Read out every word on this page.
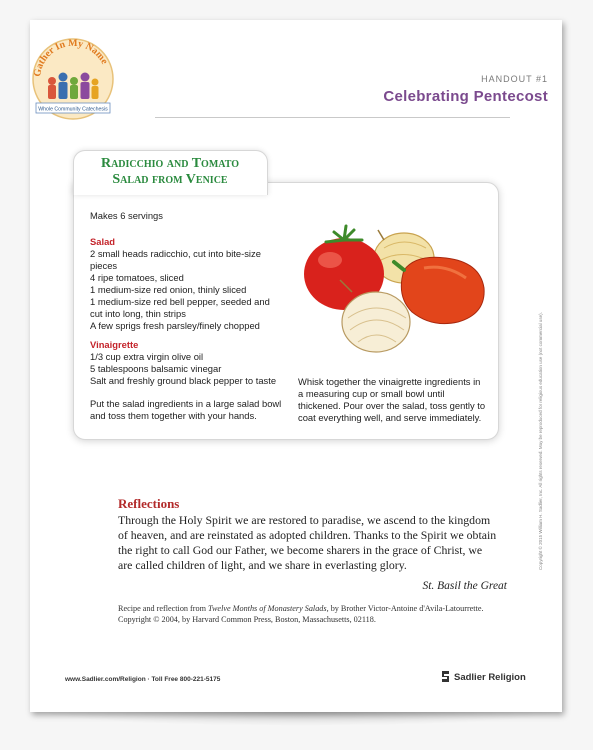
Gather In My Name
Whole Community Catechesis
HANDOUT #1
Celebrating Pentecost
Radicchio and Tomato
Salad from Venice
Makes 6 servings
Salad
2 small heads radicchio, cut into bite-size
pieces
4 ripe tomatoes, sliced
1 medium-size red onion, thinly sliced
1 medium-size red bell pepper, seeded and
cut into long, thin strips
A few sprigs fresh parsley/finely chopped
Vinaigrette
1/3 cup extra virgin olive oil
5 tablespoons balsamic vinegar
Salt and freshly ground black pepper to taste
Put the salad ingredients in a large salad bowl
and toss them together with your hands.
Whisk together the vinaigrette ingredients in
a measuring cup or small bowl until
thickened. Pour over the salad, toss gently to
coat everything well, and serve immediately.
Reflections
Through the Holy Spirit we are restored to paradise, we ascend to the kingdom of heaven, and are reinstated as adopted children. Thanks to the Spirit we obtain the right to call God our Father, we become sharers in the grace of Christ, we are called children of light, and we share in everlasting glory.
St. Basil the Great
Recipe and reflection from Twelve Months of Monastery Salads, by Brother Victor-Antoine d'Avila-Latourrette. Copyright © 2004, by Harvard Common Press, Boston, Massachusetts, 02118.
www.Sadlier.com/Religion · Toll Free 800-221-5175	Sadlier Religion
Copyright © 2015 William H. Sadlier, Inc. All rights reserved. May be reproduced for religious education use (not commercial use).
